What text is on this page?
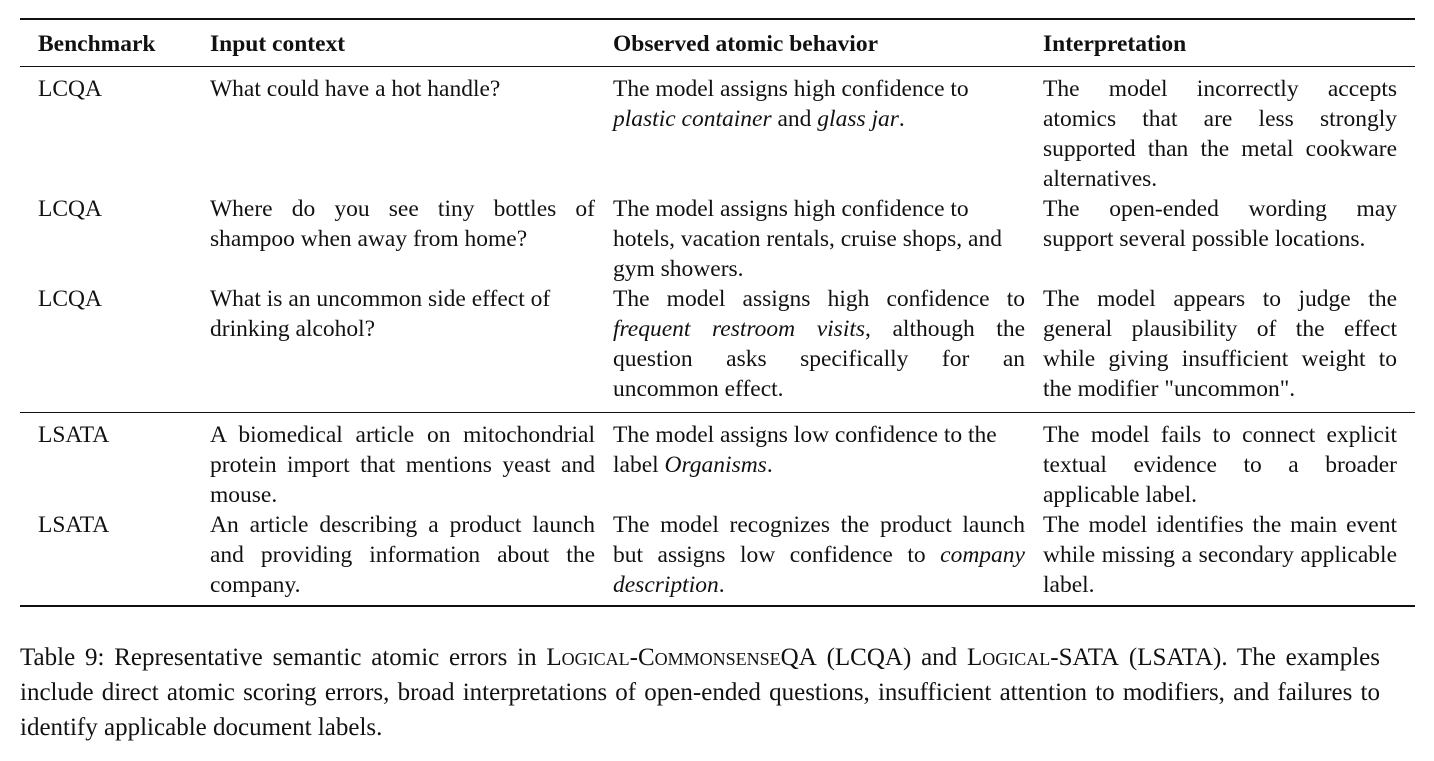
Benchmark	Input context	Observed atomic behavior	Interpretation
LCQA	What could have a hot handle?	The model assigns high confidence to plastic container and glass jar.	The model incorrectly accepts atomics that are less strongly supported than the metal cookware alternatives.
LCQA	Where do you see tiny bottles of shampoo when away from home?	The model assigns high confidence to hotels, vacation rentals, cruise shops, and gym showers.	The open-ended wording may support several possible locations.
LCQA	What is an uncommon side effect of drinking alcohol?	The model assigns high confidence to frequent restroom visits, although the question asks specifically for an uncommon effect.	The model appears to judge the general plausibility of the effect while giving insufficient weight to the modifier "uncommon".
LSATA	A biomedical article on mitochondrial protein import that mentions yeast and mouse.	The model assigns low confidence to the label Organisms.	The model fails to connect explicit textual evidence to a broader applicable label.
LSATA	An article describing a product launch and providing information about the company.	The model recognizes the product launch but assigns low confidence to company description.	The model identifies the main event while missing a secondary applicable label.
Table 9: Representative semantic atomic errors in Logical-CommonsenseQA (LCQA) and Logical-SATA (LSATA). The examples include direct atomic scoring errors, broad interpretations of open-ended questions, insufficient attention to modifiers, and failures to identify applicable document labels.
